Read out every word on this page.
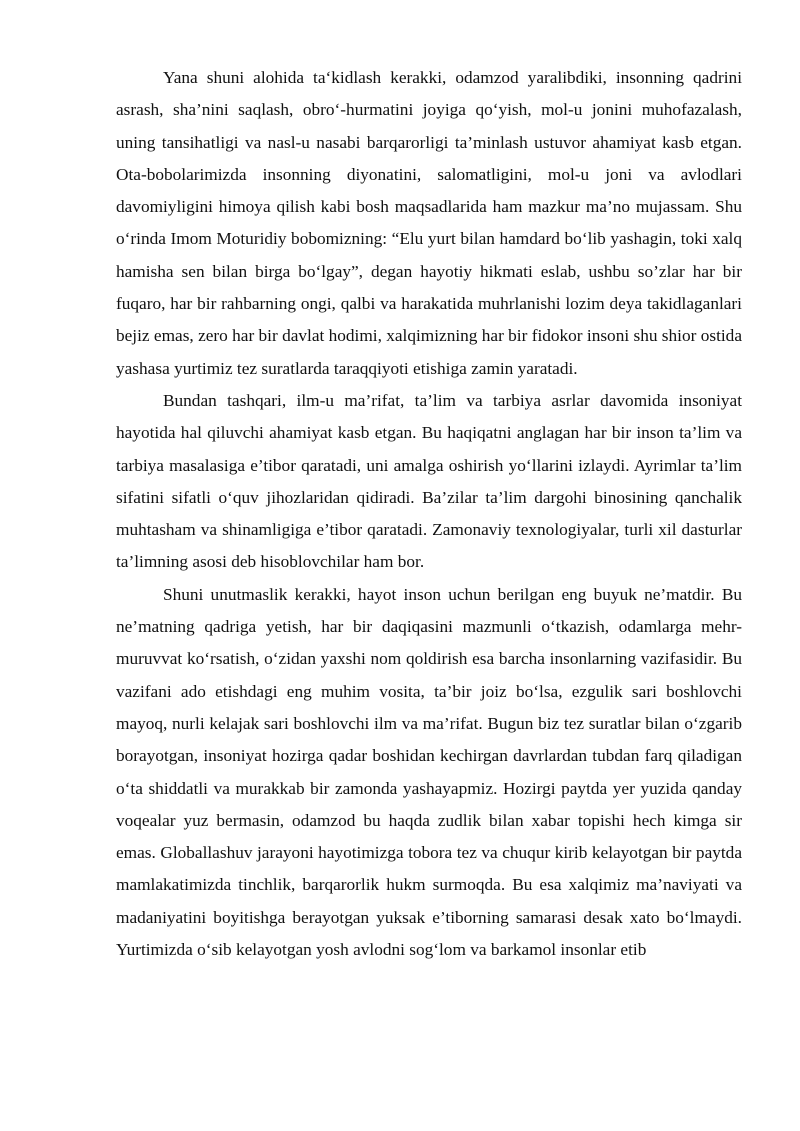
Yana shuni alohida ta‘kidlash kerakki, odamzod yaralibdiki, insonning qadrini asrash, sha’nini saqlash, obro‘-hurmatini joyiga qo‘yish, mol-u jonini muhofazalash, uning tansihatligi va nasl-u nasabi barqarorligi ta’minlash ustuvor ahamiyat kasb etgan. Ota-bobolarimizda insonning diyonatini, salomatligini, mol-u joni va avlodlari davomiyligini himoya qilish kabi bosh maqsadlarida ham mazkur ma’no mujassam. Shu o‘rinda Imom Moturidiy bobomizning: “Elu yurt bilan hamdard bo‘lib yashagin, toki xalq hamisha sen bilan birga bo‘lgay”, degan hayotiy hikmati eslab, ushbu so’zlar har bir fuqaro, har bir rahbarning ongi, qalbi va harakatida muhrlanishi lozim deya takidlaganlari bejiz emas, zero har bir davlat hodimi, xalqimizning har bir fidokor insoni shu shior ostida yashasa yurtimiz tez suratlarda taraqqiyoti etishiga zamin yaratadi.

Bundan tashqari, ilm-u ma’rifat, ta’lim va tarbiya asrlar davomida insoniyat hayotida hal qiluvchi ahamiyat kasb etgan. Bu haqiqatni anglagan har bir inson ta’lim va tarbiya masalasiga e’tibor qaratadi, uni amalga oshirish yo‘llarini izlaydi. Ayrimlar ta’lim sifatini sifatli o‘quv jihozlaridan qidiradi. Ba’zilar ta’lim dargohi binosining qanchalik muhtasham va shinamligiga e’tibor qaratadi. Zamonaviy texnologiyalar, turli xil dasturlar ta’limning asosi deb hisoblovchilar ham bor.

Shuni unutmaslik kerakki, hayot inson uchun berilgan eng buyuk ne’matdir. Bu ne’matning qadriga yetish, har bir daqiqasini mazmunli o‘tkazish, odamlarga mehr-muruvvat ko‘rsatish, o‘zidan yaxshi nom qoldirish esa barcha insonlarning vazifasidir. Bu vazifani ado etishdagi eng muhim vosita, ta’bir joiz bo‘lsa, ezgulik sari boshlovchi mayoq, nurli kelajak sari boshlovchi ilm va ma’rifat. Bugun biz tez suratlar bilan o‘zgarib borayotgan, insoniyat hozirga qadar boshidan kechirgan davrlardan tubdan farq qiladigan o‘ta shiddatli va murakkab bir zamonda yashayapmiz. Hozirgi paytda yer yuzida qanday voqealar yuz bermasin, odamzod bu haqda zudlik bilan xabar topishi hech kimga sir emas. Globallashuv jarayoni hayotimizga tobora tez va chuqur kirib kelayotgan bir paytda mamlakatimizda tinchlik, barqarorlik hukm surmoqda. Bu esa xalqimiz ma’naviyati va madaniyatini boyitishga berayotgan yuksak e’tiborning samarasi desak xato bo‘lmaydi. Yurtimizda o‘sib kelayotgan yosh avlodni sog‘lom va barkamol insonlar etib
